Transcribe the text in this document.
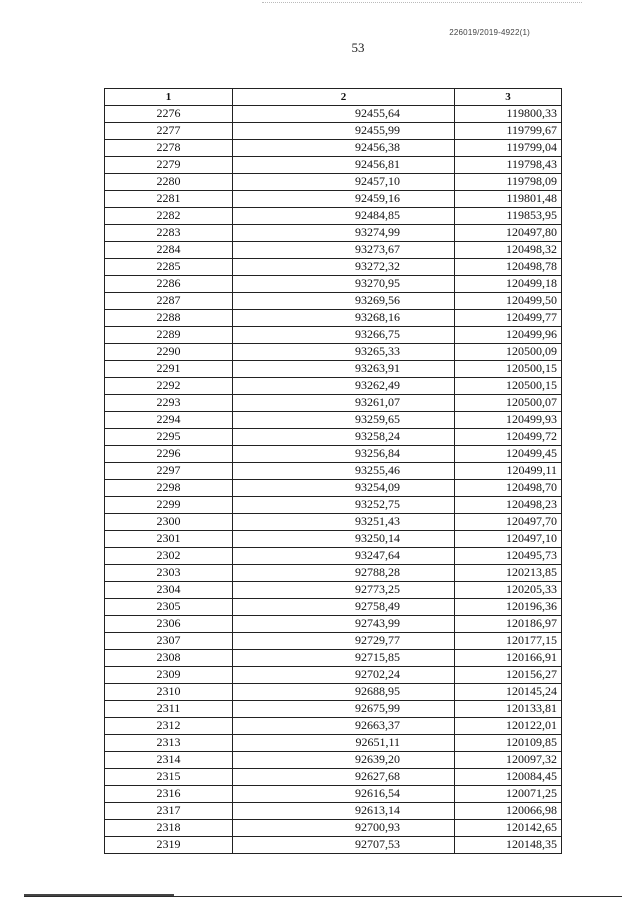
226019/2019-4922(1)
53
1	2	3
2276	92455,64	119800,33
2277	92455,99	119799,67
2278	92456,38	119799,04
2279	92456,81	119798,43
2280	92457,10	119798,09
2281	92459,16	119801,48
2282	92484,85	119853,95
2283	93274,99	120497,80
2284	93273,67	120498,32
2285	93272,32	120498,78
2286	93270,95	120499,18
2287	93269,56	120499,50
2288	93268,16	120499,77
2289	93266,75	120499,96
2290	93265,33	120500,09
2291	93263,91	120500,15
2292	93262,49	120500,15
2293	93261,07	120500,07
2294	93259,65	120499,93
2295	93258,24	120499,72
2296	93256,84	120499,45
2297	93255,46	120499,11
2298	93254,09	120498,70
2299	93252,75	120498,23
2300	93251,43	120497,70
2301	93250,14	120497,10
2302	93247,64	120495,73
2303	92788,28	120213,85
2304	92773,25	120205,33
2305	92758,49	120196,36
2306	92743,99	120186,97
2307	92729,77	120177,15
2308	92715,85	120166,91
2309	92702,24	120156,27
2310	92688,95	120145,24
2311	92675,99	120133,81
2312	92663,37	120122,01
2313	92651,11	120109,85
2314	92639,20	120097,32
2315	92627,68	120084,45
2316	92616,54	120071,25
2317	92613,14	120066,98
2318	92700,93	120142,65
2319	92707,53	120148,35
